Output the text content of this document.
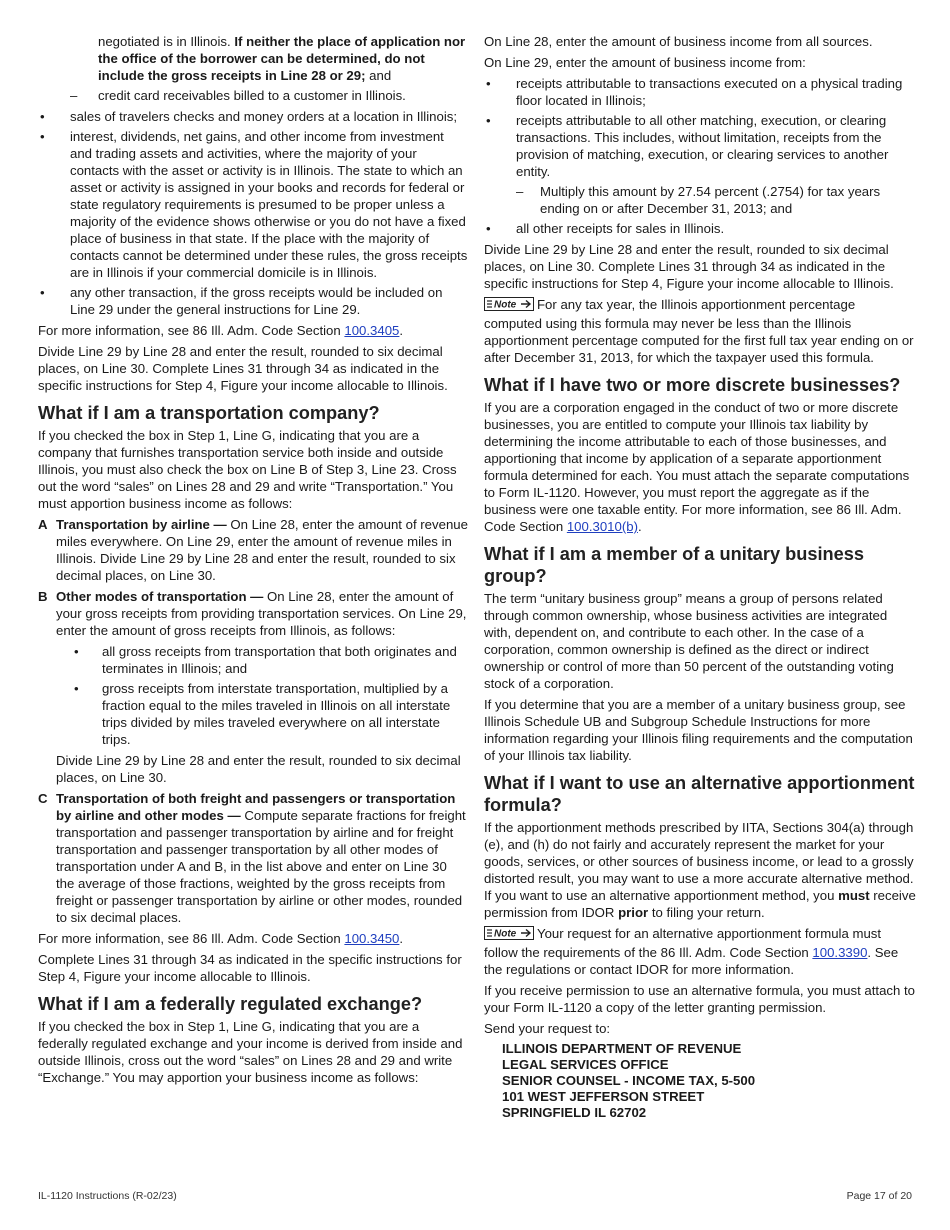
negotiated is in Illinois. If neither the place of application nor the office of the borrower can be determined, do not include the gross receipts in Line 28 or 29; and

– credit card receivables billed to a customer in Illinois.
• sales of travelers checks and money orders at a location in Illinois;
• interest, dividends, net gains, and other income from investment and trading assets and activities, where the majority of your contacts with the asset or activity is in Illinois. The state to which an asset or activity is assigned in your books and records for federal or state regulatory requirements is presumed to be proper unless a majority of the evidence shows otherwise or you do not have a fixed place of business in that state. If the place with the majority of contacts cannot be determined under these rules, the gross receipts are in Illinois if your commercial domicile is in Illinois.
• any other transaction, if the gross receipts would be included on Line 29 under the general instructions for Line 29.

For more information, see 86 Ill. Adm. Code Section 100.3405.

Divide Line 29 by Line 28 and enter the result, rounded to six decimal places, on Line 30. Complete Lines 31 through 34 as indicated in the specific instructions for Step 4, Figure your income allocable to Illinois.

What if I am a transportation company?

If you checked the box in Step 1, Line G, indicating that you are a company that furnishes transportation service both inside and outside Illinois, you must also check the box on Line B of Step 3, Line 23. Cross out the word “sales” on Lines 28 and 29 and write “Transportation.” You must apportion business income as follows:

A Transportation by airline — On Line 28, enter the amount of revenue miles everywhere. On Line 29, enter the amount of revenue miles in Illinois. Divide Line 29 by Line 28 and enter the result, rounded to six decimal places, on Line 30.
B Other modes of transportation — On Line 28, enter the amount of your gross receipts from providing transportation services. On Line 29, enter the amount of gross receipts from Illinois, as follows:
• all gross receipts from transportation that both originates and terminates in Illinois; and
• gross receipts from interstate transportation, multiplied by a fraction equal to the miles traveled in Illinois on all interstate trips divided by miles traveled everywhere on all interstate trips.

Divide Line 29 by Line 28 and enter the result, rounded to six decimal places, on Line 30.

C Transportation of both freight and passengers or transportation by airline and other modes — Compute separate fractions for freight transportation and passenger transportation by airline and for freight transportation and passenger transportation by all other modes of transportation under A and B, in the list above and enter on Line 30 the average of those fractions, weighted by the gross receipts from freight or passenger transportation by airline or other modes, rounded to six decimal places.

For more information, see 86 Ill. Adm. Code Section 100.3450.

Complete Lines 31 through 34 as indicated in the specific instructions for Step 4, Figure your income allocable to Illinois.

What if I am a federally regulated exchange?

If you checked the box in Step 1, Line G, indicating that you are a federally regulated exchange and your income is derived from inside and outside Illinois, cross out the word “sales” on Lines 28 and 29 and write “Exchange.” You may apportion your business income as follows:

On Line 28, enter the amount of business income from all sources.

On Line 29, enter the amount of business income from:

• receipts attributable to transactions executed on a physical trading floor located in Illinois;
• receipts attributable to all other matching, execution, or clearing transactions. This includes, without limitation, receipts from the provision of matching, execution, or clearing services to another entity.
– Multiply this amount by 27.54 percent (.2754) for tax years ending on or after December 31, 2013; and
• all other receipts for sales in Illinois.

Divide Line 29 by Line 28 and enter the result, rounded to six decimal places, on Line 30. Complete Lines 31 through 34 as indicated in the specific instructions for Step 4, Figure your income allocable to Illinois.

Note For any tax year, the Illinois apportionment percentage computed using this formula may never be less than the Illinois apportionment percentage computed for the first full tax year ending on or after December 31, 2013, for which the taxpayer used this formula.

What if I have two or more discrete businesses?

If you are a corporation engaged in the conduct of two or more discrete businesses, you are entitled to compute your Illinois tax liability by determining the income attributable to each of those businesses, and apportioning that income by application of a separate apportionment formula determined for each. You must attach the separate computations to Form IL-1120. However, you must report the aggregate as if the business were one taxable entity. For more information, see 86 Ill. Adm. Code Section 100.3010(b).

What if I am a member of a unitary business group?

The term “unitary business group” means a group of persons related through common ownership, whose business activities are integrated with, dependent on, and contribute to each other. In the case of a corporation, common ownership is defined as the direct or indirect ownership or control of more than 50 percent of the outstanding voting stock of a corporation.

If you determine that you are a member of a unitary business group, see Illinois Schedule UB and Subgroup Schedule Instructions for more information regarding your Illinois filing requirements and the computation of your Illinois tax liability.

What if I want to use an alternative apportionment formula?

If the apportionment methods prescribed by IITA, Sections 304(a) through (e), and (h) do not fairly and accurately represent the market for your goods, services, or other sources of business income, or lead to a grossly distorted result, you may want to use a more accurate alternative method. If you want to use an alternative apportionment method, you must receive permission from IDOR prior to filing your return.

Note Your request for an alternative apportionment formula must follow the requirements of the 86 Ill. Adm. Code Section 100.3390. See the regulations or contact IDOR for more information.

If you receive permission to use an alternative formula, you must attach to your Form IL-1120 a copy of the letter granting permission.

Send your request to:

ILLINOIS DEPARTMENT OF REVENUE
LEGAL SERVICES OFFICE
SENIOR COUNSEL - INCOME TAX, 5-500
101 WEST JEFFERSON STREET
SPRINGFIELD IL 62702
IL-1120 Instructions (R-02/23)	Page 17 of 20
